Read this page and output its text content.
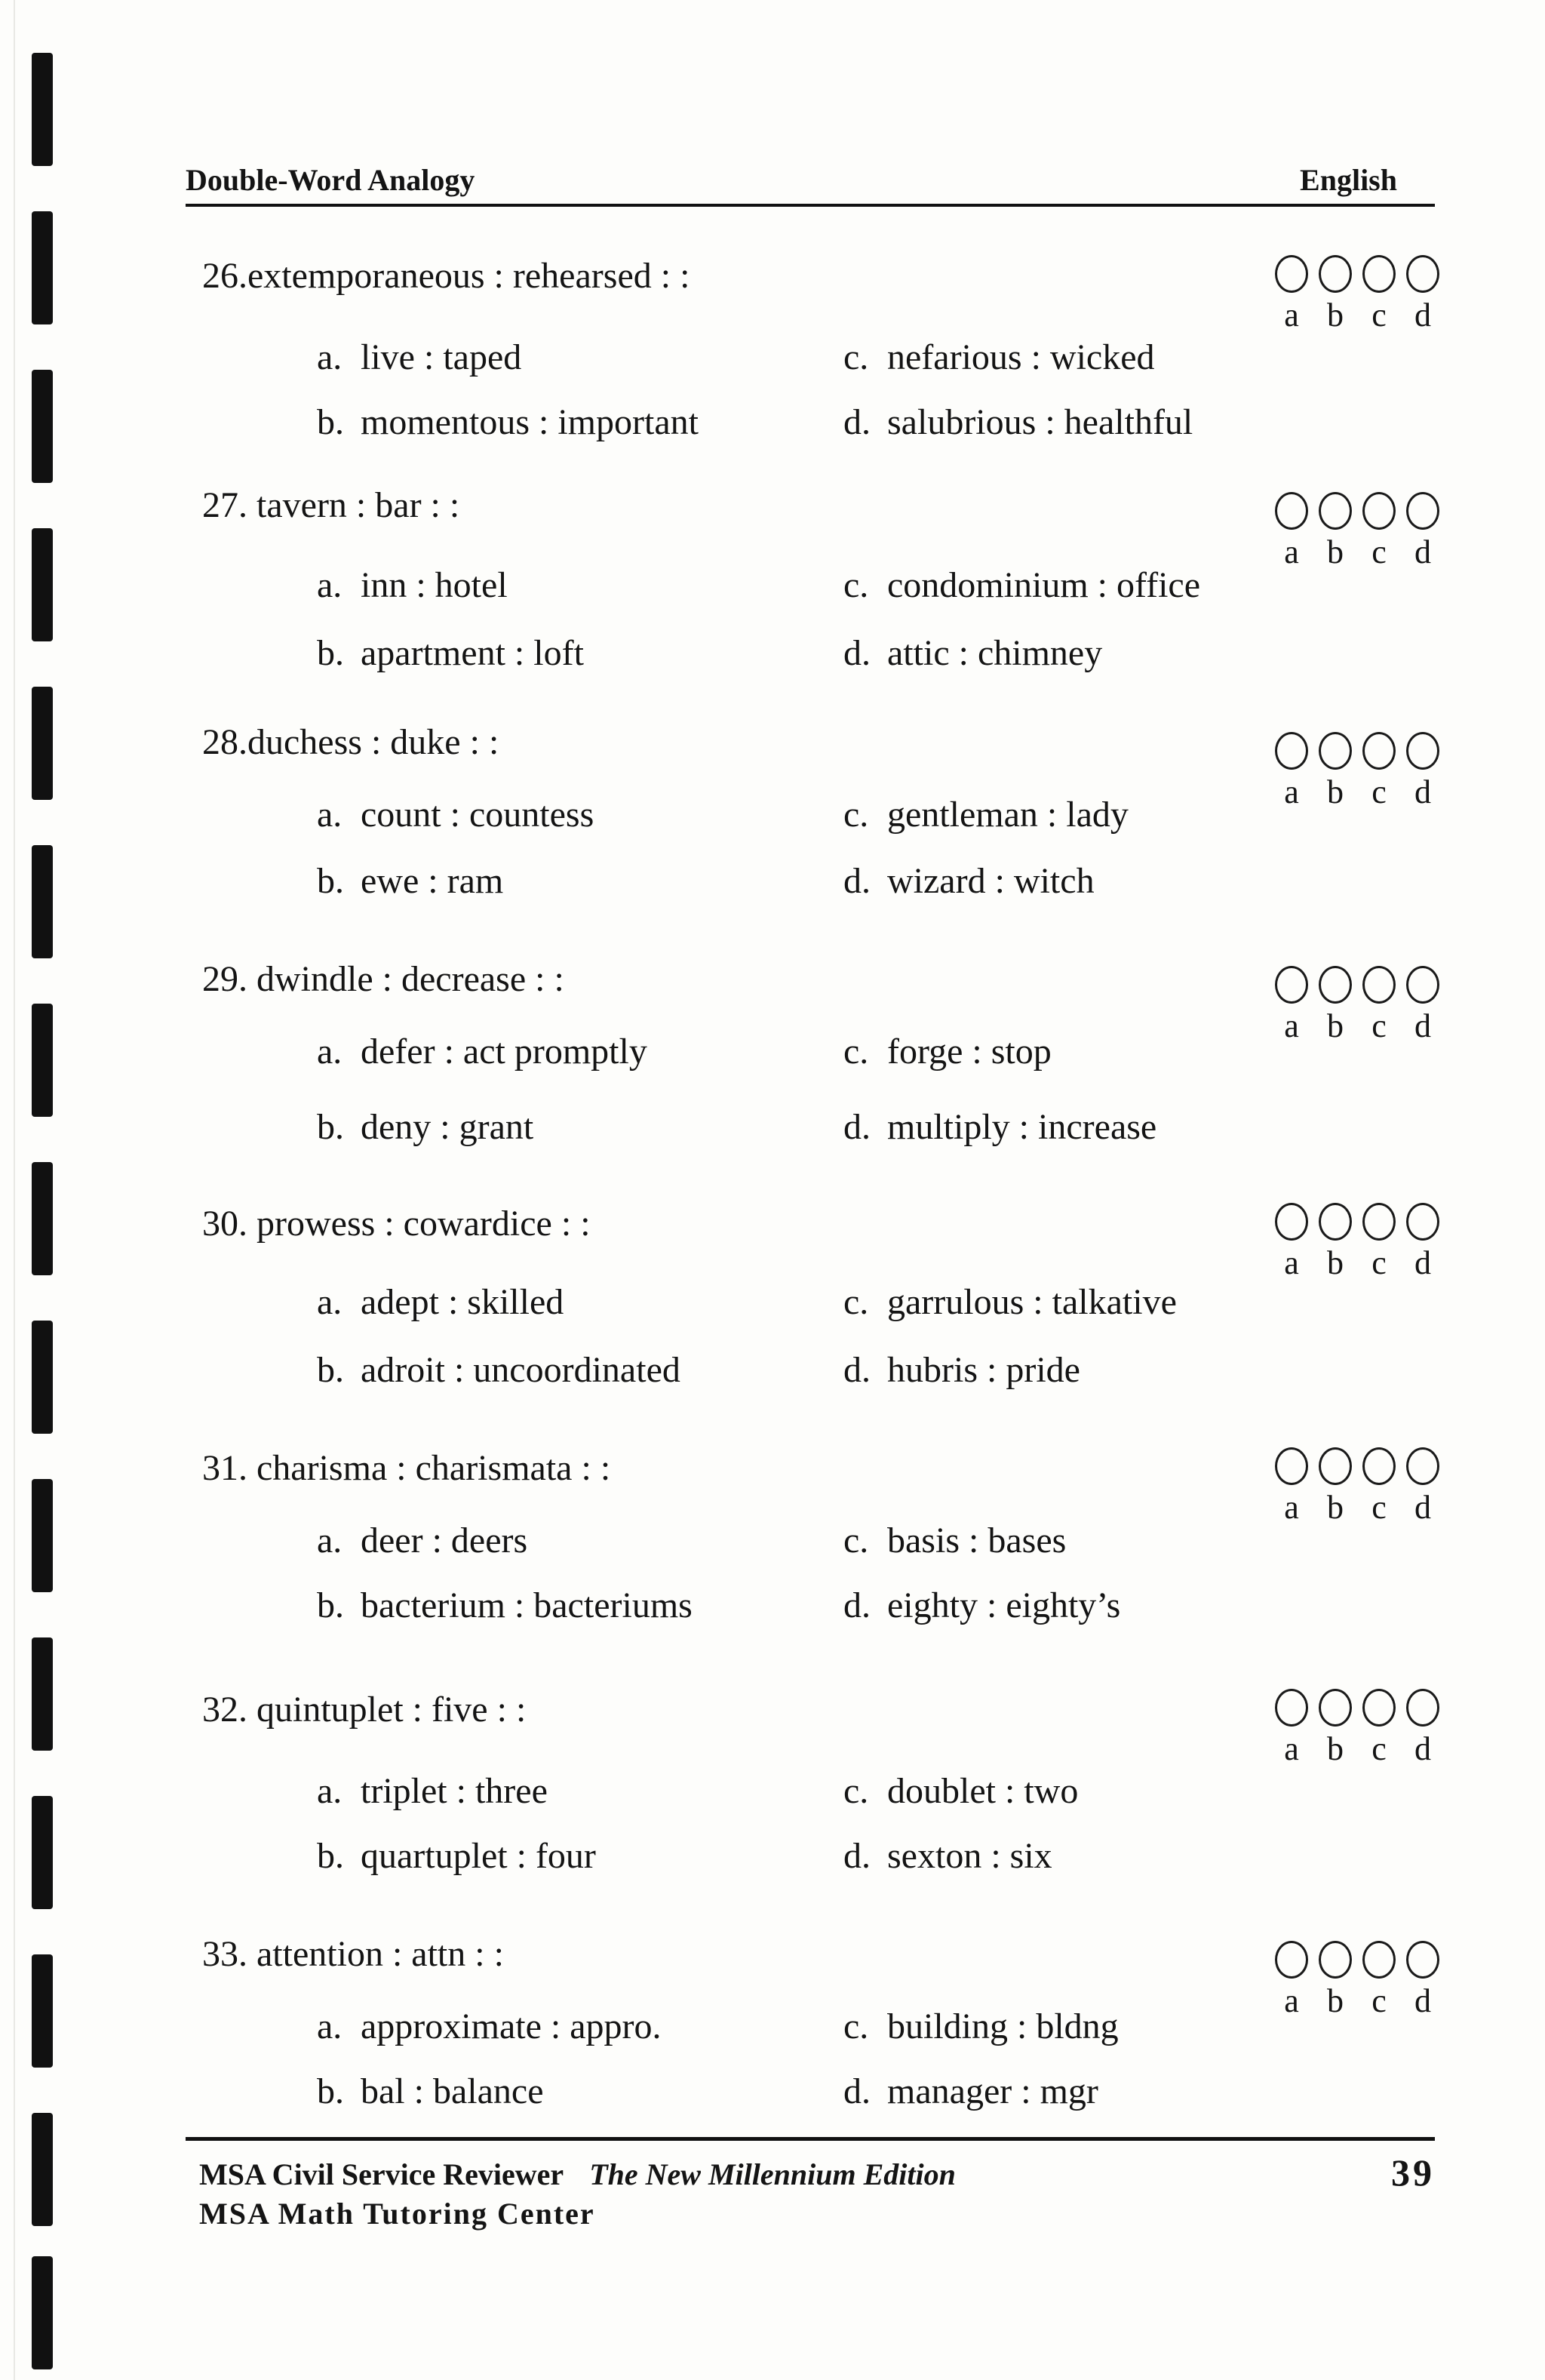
Double-Word Analogy	English
26.extemporaneous : rehearsed : :
a. live : taped
b. momentous : important
c. nefarious : wicked
d. salubrious : healthful
a b c d
27. tavern : bar : :
a. inn : hotel
b. apartment : loft
c. condominium : office
d. attic : chimney
a b c d
28.duchess : duke : :
a. count : countess
b. ewe : ram
c. gentleman : lady
d. wizard : witch
a b c d
29. dwindle : decrease : :
a. defer : act promptly
b. deny : grant
c. forge : stop
d. multiply : increase
a b c d
30. prowess : cowardice : :
a. adept : skilled
b. adroit : uncoordinated
c. garrulous : talkative
d. hubris : pride
a b c d
31. charisma : charismata : :
a. deer : deers
b. bacterium : bacteriums
c. basis : bases
d. eighty : eighty’s
a b c d
32. quintuplet : five : :
a. triplet : three
b. quartuplet : four
c. doublet : two
d. sexton : six
a b c d
33. attention : attn : :
a. approximate : appro.
b. bal : balance
c. building : bldng
d. manager : mgr
a b c d
MSA Civil Service Reviewer The New Millennium Edition
MSA Math Tutoring Center
39
